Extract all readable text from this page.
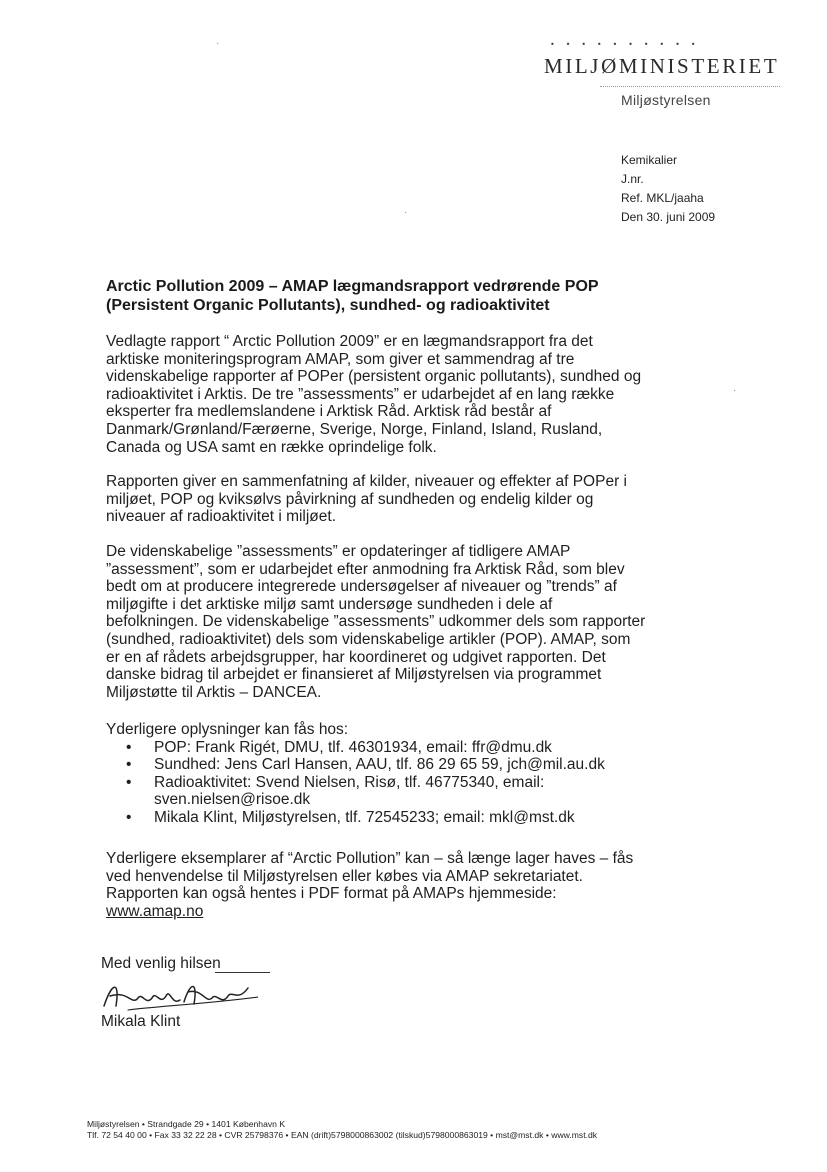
• • • • • • • • • •
MILJØMINISTERIET
Miljøstyrelsen
Kemikalier
J.nr.
Ref. MKL/jaaha
Den 30. juni 2009
Arctic Pollution 2009 – AMAP lægmandsrapport vedrørende POP (Persistent Organic Pollutants), sundhed- og radioaktivitet
Vedlagte rapport “ Arctic Pollution 2009” er en lægmandsrapport fra det arktiske moniteringsprogram AMAP, som giver et sammendrag af tre videnskabelige rapporter af POPer (persistent organic pollutants), sundhed og radioaktivitet i Arktis. De tre ”assessments” er udarbejdet af en lang række eksperter fra medlemslandene i Arktisk Råd. Arktisk råd består af Danmark/Grønland/Færøerne, Sverige, Norge, Finland, Island, Rusland, Canada og USA samt en række oprindelige folk.
Rapporten giver en sammenfatning af kilder, niveauer og effekter af POPer i miljøet, POP og kviksølvs påvirkning af sundheden og endelig kilder og niveauer af radioaktivitet i miljøet.
De videnskabelige ”assessments” er opdateringer af tidligere AMAP ”assessment”, som er udarbejdet efter anmodning fra Arktisk Råd, som blev bedt om at producere integrerede undersøgelser af niveauer og ”trends” af miljøgifte i det arktiske miljø samt undersøge sundheden i dele af befolkningen. De videnskabelige ”assessments” udkommer dels som rapporter (sundhed, radioaktivitet) dels som videnskabelige artikler (POP). AMAP, som er en af rådets arbejdsgrupper, har koordineret og udgivet rapporten. Det danske bidrag til arbejdet er finansieret af Miljøstyrelsen via programmet Miljøstøtte til Arktis – DANCEA.
Yderligere oplysninger kan fås hos:
• POP: Frank Rigét, DMU, tlf. 46301934, email: ffr@dmu.dk
• Sundhed: Jens Carl Hansen, AAU, tlf. 86 29 65 59, jch@mil.au.dk
• Radioaktivitet: Svend Nielsen, Risø, tlf. 46775340, email: sven.nielsen@risoe.dk
• Mikala Klint, Miljøstyrelsen, tlf. 72545233; email: mkl@mst.dk
Yderligere eksemplarer af “Arctic Pollution” kan – så længe lager haves – fås ved henvendelse til Miljøstyrelsen eller købes via AMAP sekretariatet. Rapporten kan også hentes i PDF format på AMAPs hjemmeside:
www.amap.no
Med venlig hilsen
Mikala Klint
Miljøstyrelsen • Strandgade 29 • 1401 København K
Tlf. 72 54 40 00 • Fax 33 32 22 28 • CVR 25798376 • EAN (drift)5798000863002 (tilskud)5798000863019 • mst@mst.dk • www.mst.dk
·
·
·
